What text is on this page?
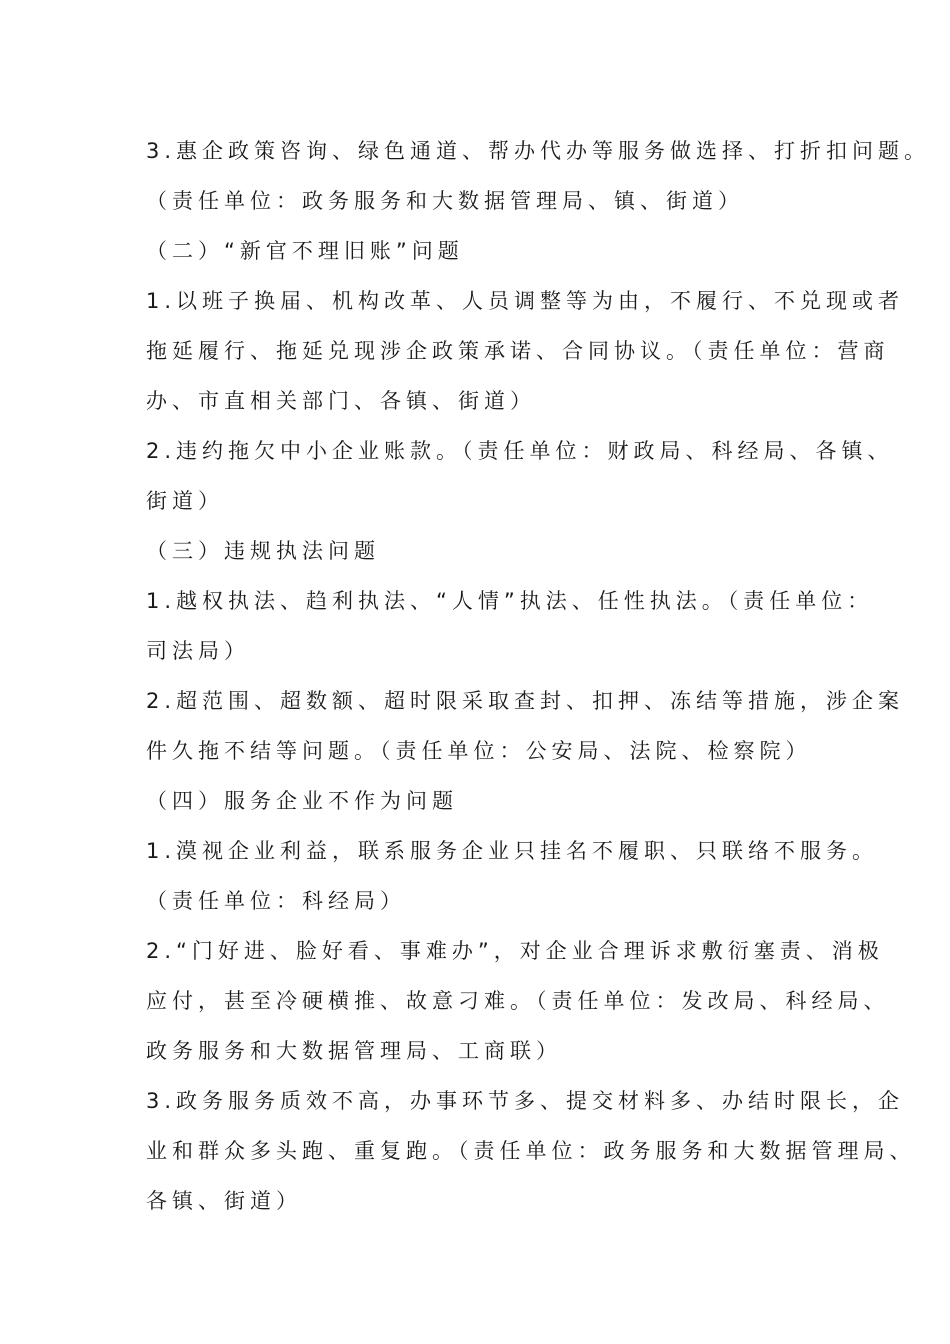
3.惠企政策咨询、绿色通道、帮办代办等服务做选择、打折扣问题。

（责任单位：政务服务和大数据管理局、镇、街道）

（二）“新官不理旧账”问题

1.以班子换届、机构改革、人员调整等为由，不履行、不兑现或者

拖延履行、拖延兑现涉企政策承诺、合同协议。（责任单位：营商

办、市直相关部门、各镇、街道）

2.违约拖欠中小企业账款。（责任单位：财政局、科经局、各镇、

街道）

（三）违规执法问题

1.越权执法、趋利执法、“人情”执法、任性执法。（责任单位：

司法局）

2.超范围、超数额、超时限采取查封、扣押、冻结等措施，涉企案

件久拖不结等问题。（责任单位：公安局、法院、检察院）

（四）服务企业不作为问题

1.漠视企业利益，联系服务企业只挂名不履职、只联络不服务。

（责任单位：科经局）

2.“门好进、脸好看、事难办”，对企业合理诉求敷衍塞责、消极

应付，甚至冷硬横推、故意刁难。（责任单位：发改局、科经局、

政务服务和大数据管理局、工商联）

3.政务服务质效不高，办事环节多、提交材料多、办结时限长，企

业和群众多头跑、重复跑。（责任单位：政务服务和大数据管理局、

各镇、街道）
